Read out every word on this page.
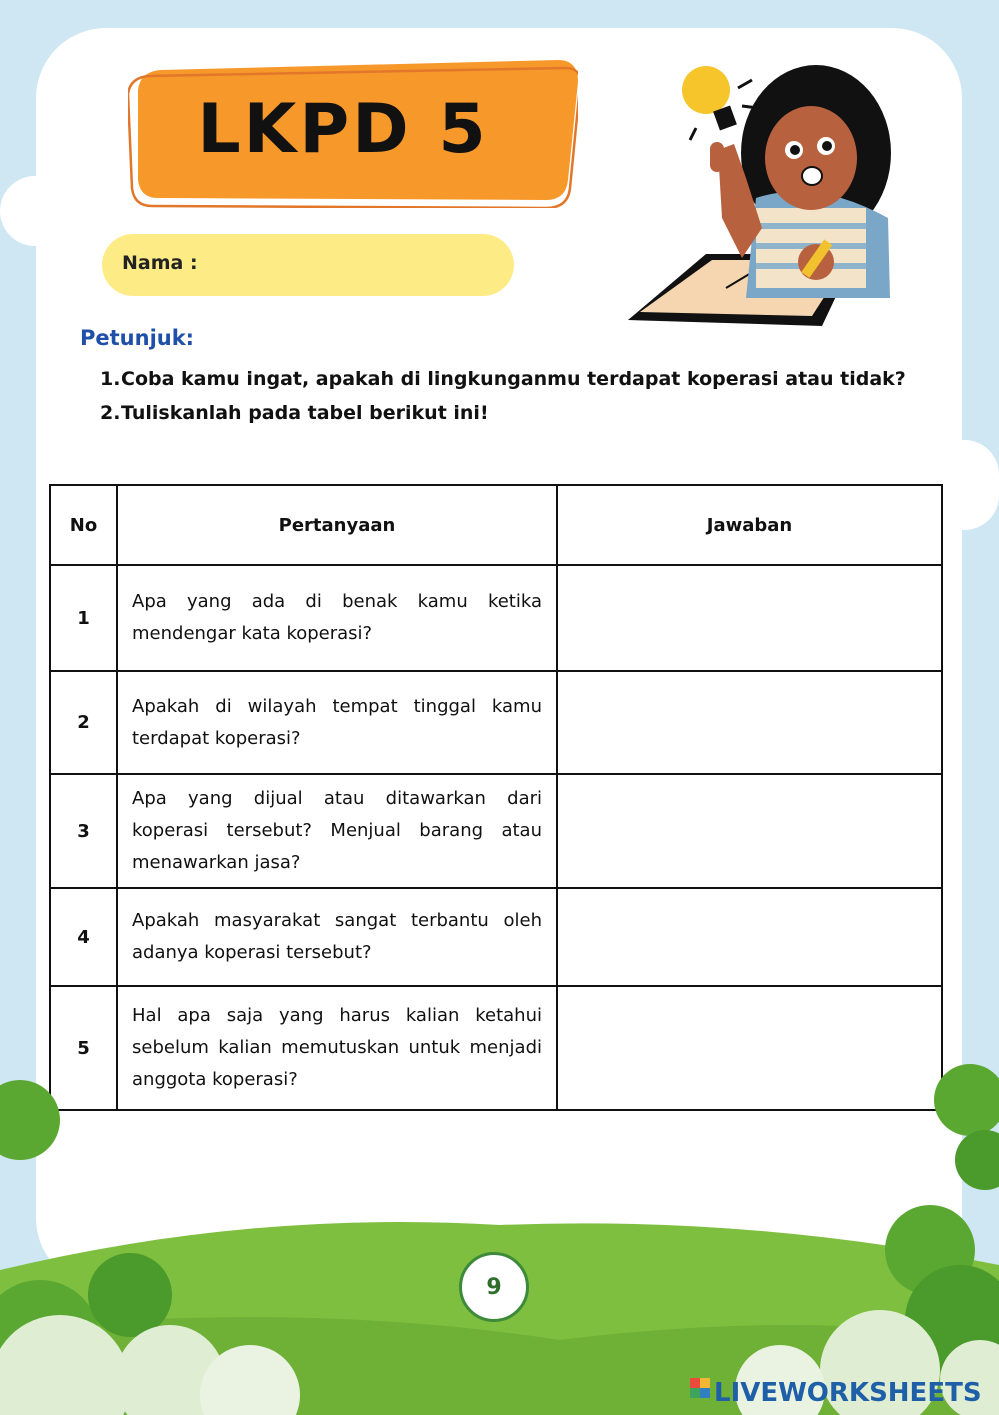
LKPD 5
Nama :
Petunjuk:
1. Coba kamu ingat, apakah di lingkunganmu terdapat koperasi atau tidak?
2. Tuliskanlah pada tabel berikut ini!
No	Pertanyaan	Jawaban
1	Apa yang ada di benak kamu ketika mendengar kata koperasi?	
2	Apakah di wilayah tempat tinggal kamu terdapat koperasi?	
3	Apa yang dijual atau ditawarkan dari koperasi tersebut? Menjual barang atau menawarkan jasa?	
4	Apakah masyarakat sangat terbantu oleh adanya koperasi tersebut?	
5	Hal apa saja yang harus kalian ketahui sebelum kalian memutuskan untuk menjadi anggota koperasi?	
9
LIVEWORKSHEETS
